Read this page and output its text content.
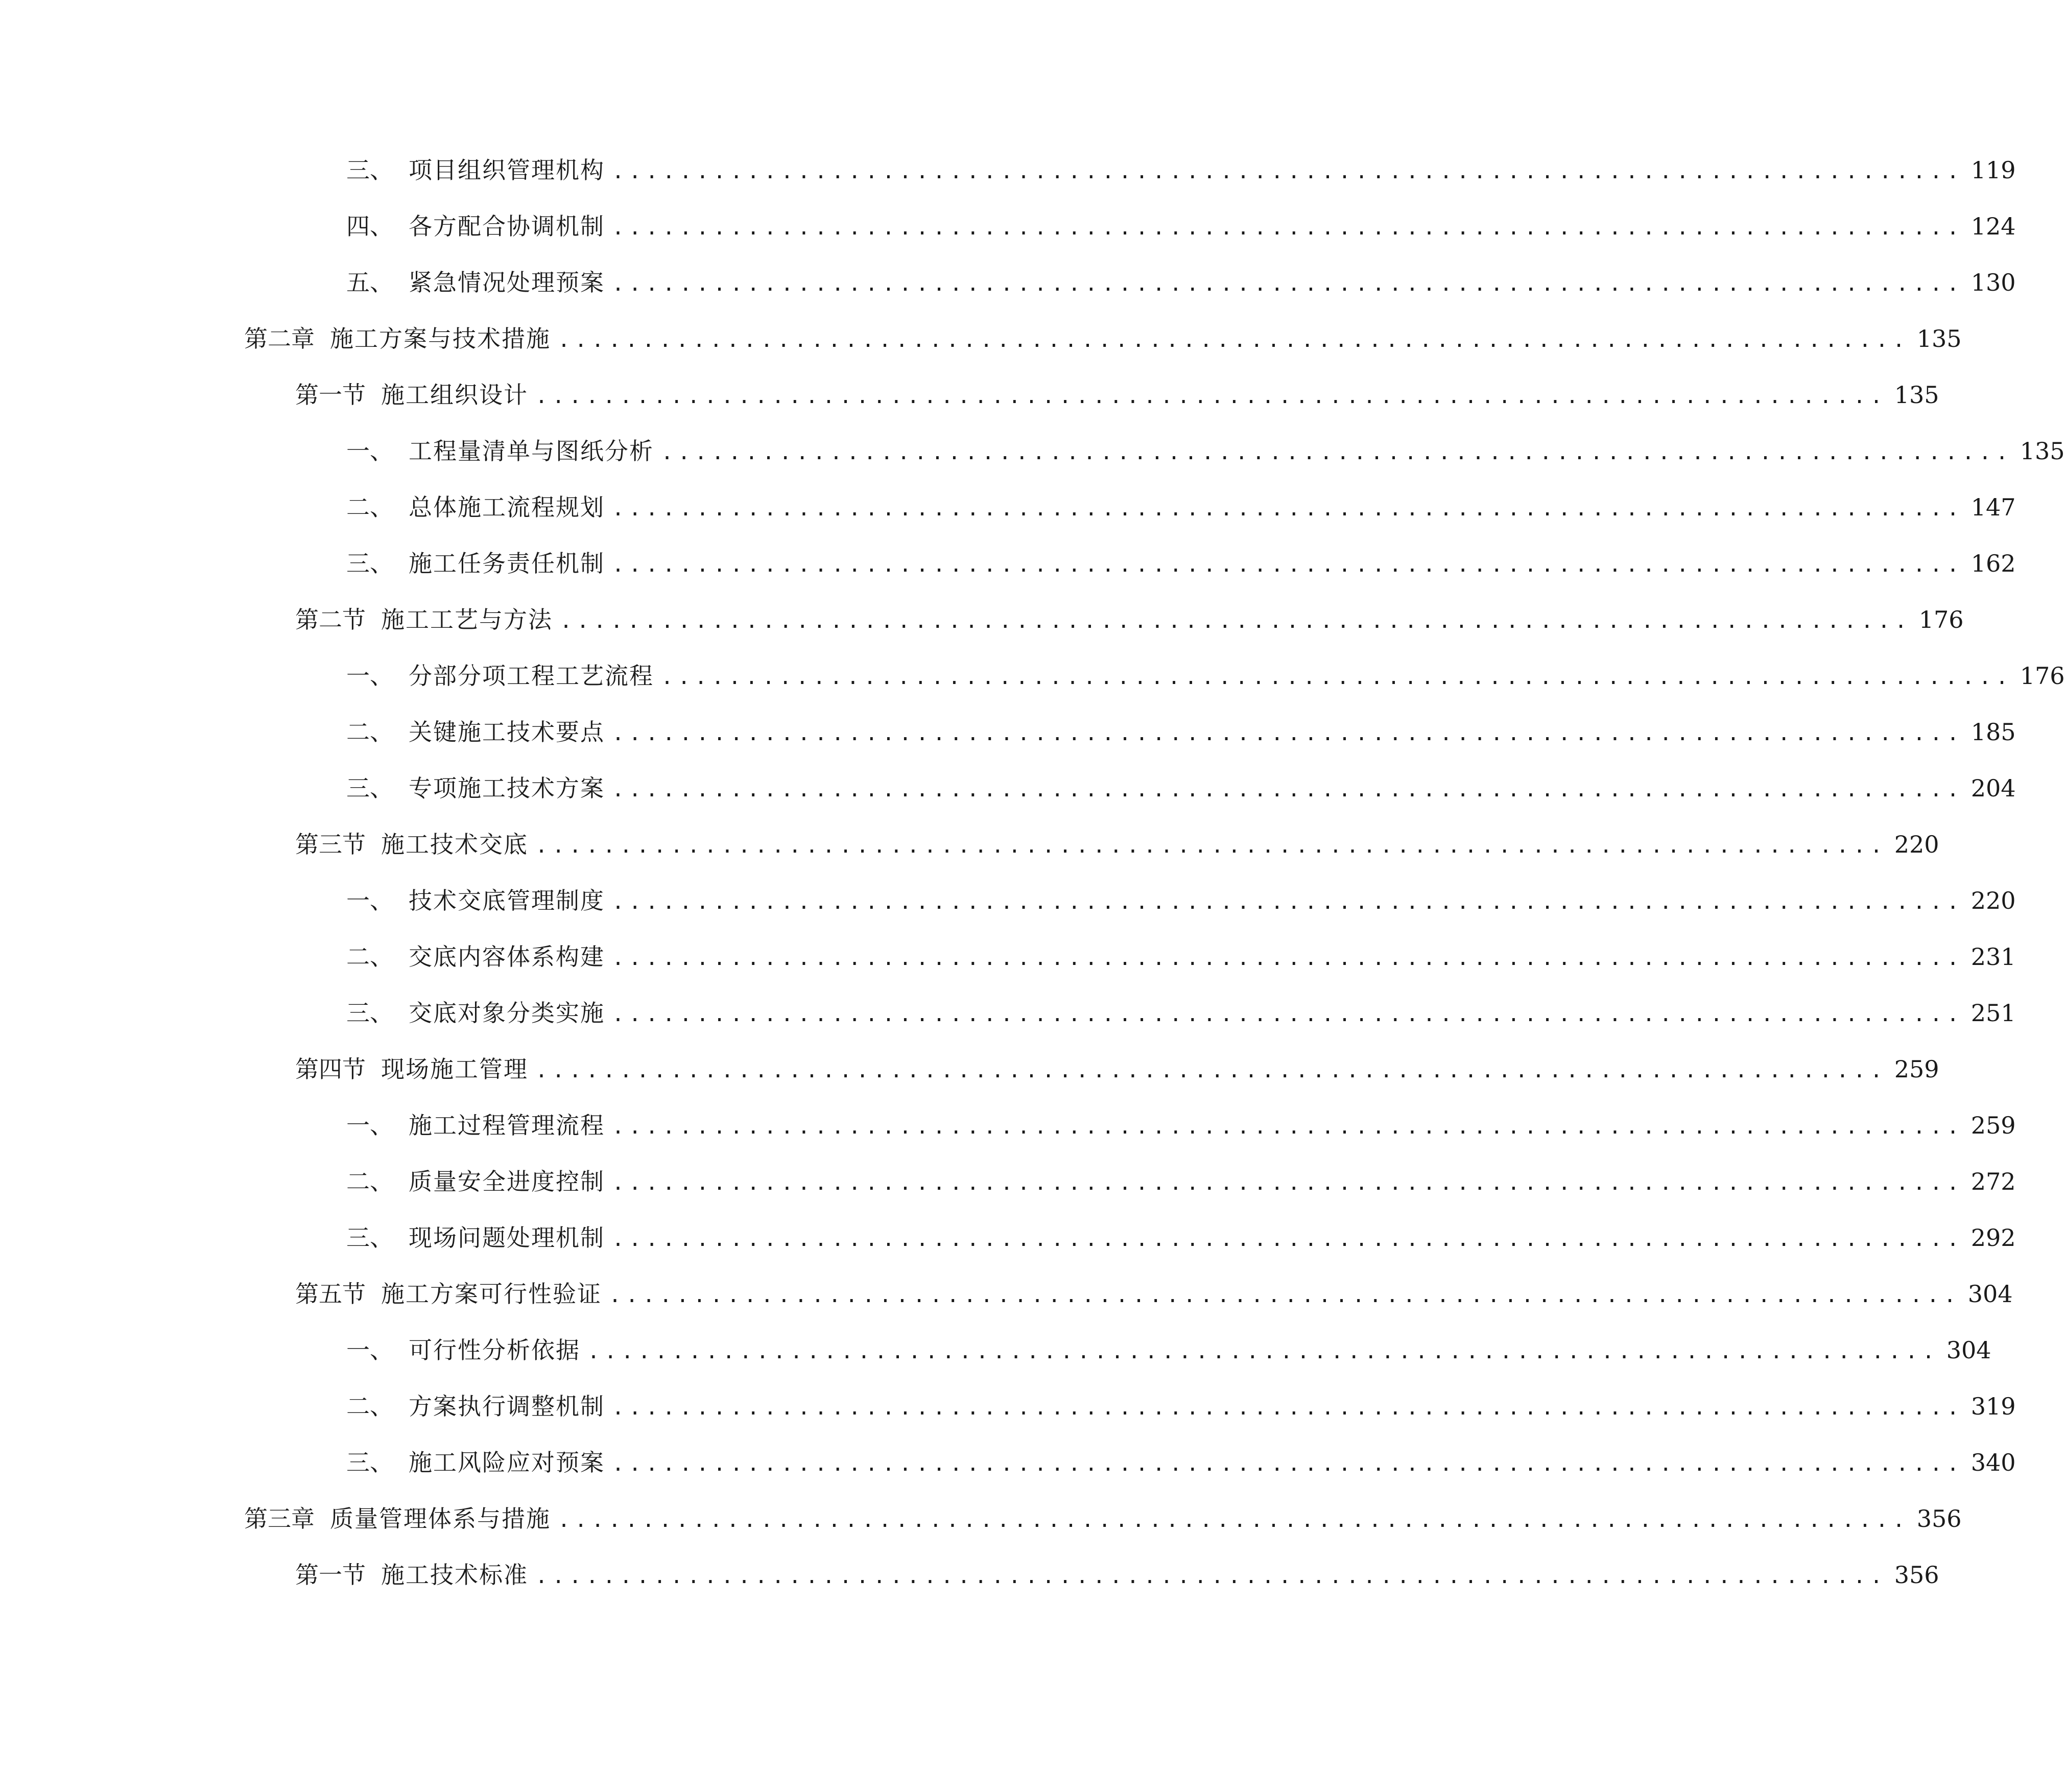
三、 项目组织管理机构 ................................................................................ 119
四、 各方配合协调机制 ................................................................................ 124
五、 紧急情况处理预案 ................................................................................ 130
第二章 施工方案与技术措施 ................................................................................ 135
第一节 施工组织设计 ................................................................................ 135
一、 工程量清单与图纸分析 ................................................................................ 135
二、 总体施工流程规划 ................................................................................ 147
三、 施工任务责任机制 ................................................................................ 162
第二节 施工工艺与方法 ................................................................................ 176
一、 分部分项工程工艺流程 ................................................................................ 176
二、 关键施工技术要点 ................................................................................ 185
三、 专项施工技术方案 ................................................................................ 204
第三节 施工技术交底 ................................................................................ 220
一、 技术交底管理制度 ................................................................................ 220
二、 交底内容体系构建 ................................................................................ 231
三、 交底对象分类实施 ................................................................................ 251
第四节 现场施工管理 ................................................................................ 259
一、 施工过程管理流程 ................................................................................ 259
二、 质量安全进度控制 ................................................................................ 272
三、 现场问题处理机制 ................................................................................ 292
第五节 施工方案可行性验证 ................................................................................ 304
一、 可行性分析依据 ................................................................................ 304
二、 方案执行调整机制 ................................................................................ 319
三、 施工风险应对预案 ................................................................................ 340
第三章 质量管理体系与措施 ................................................................................ 356
第一节 施工技术标准 ................................................................................ 356
